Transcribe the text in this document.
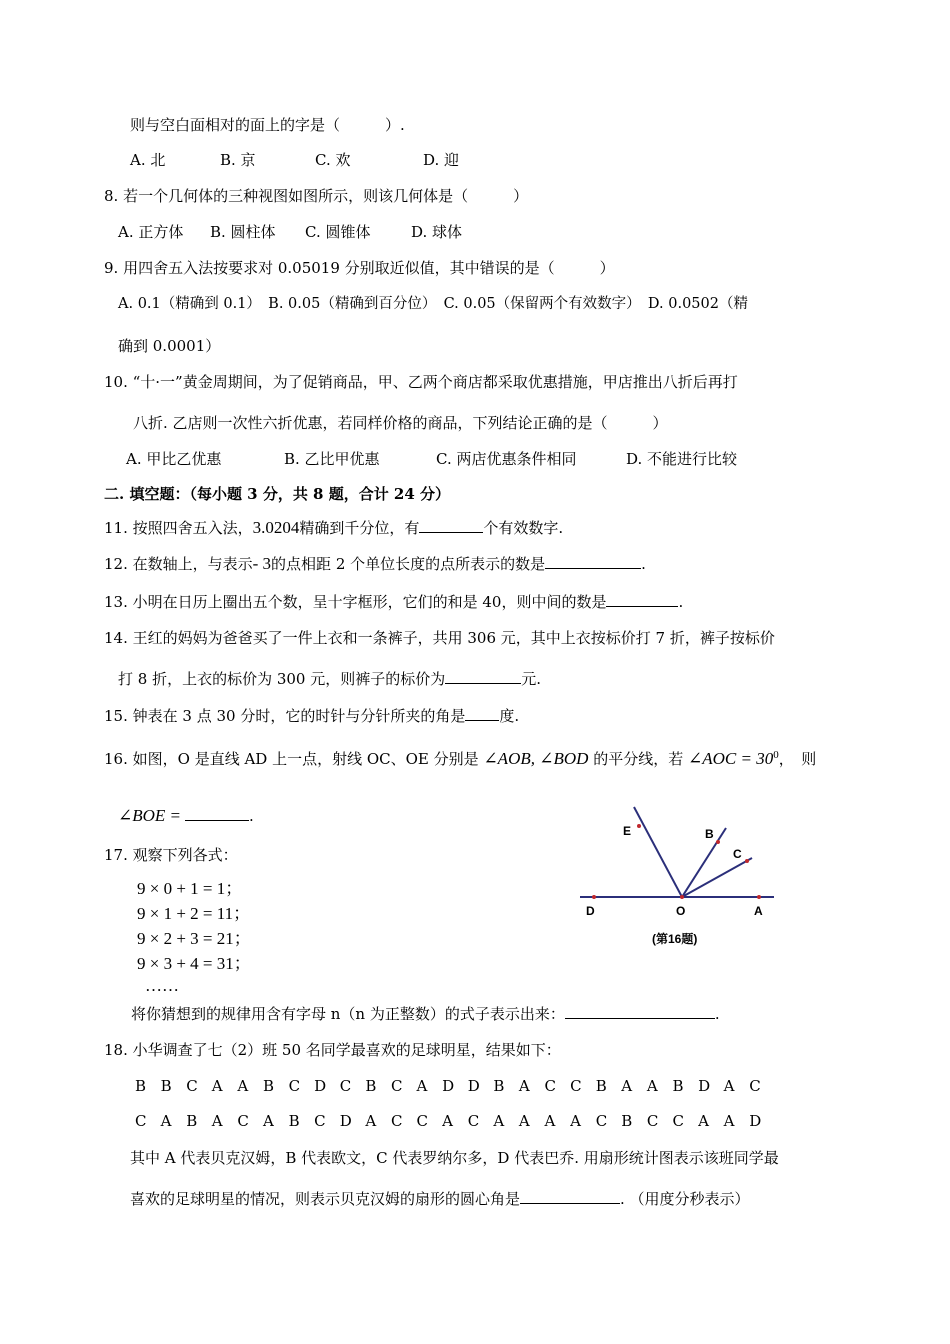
则与空白面相对的面上的字是（　　　）.
A. 北	B. 京	C. 欢	D. 迎
8. 若一个几何体的三种视图如图所示，则该几何体是（　　　）
A. 正方体 B. 圆柱体 C. 圆锥体	D. 球体
9. 用四舍五入法按要求对 0.05019 分别取近似值，其中错误的是（　　　）
A. 0.1（精确到 0.1）　B. 0.05（精确到百分位）　C. 0.05（保留两个有效数字）　D. 0.0502（精
确到 0.0001）
10. “十·一”黄金周期间，为了促销商品，甲、乙两个商店都采取优惠措施，甲店推出八折后再打
八折. 乙店则一次性六折优惠，若同样价格的商品，下列结论正确的是（　　　）
A. 甲比乙优惠	B. 乙比甲优惠	C. 两店优惠条件相同	D. 不能进行比较
二. 填空题：（每小题 3 分，共 8 题，合计 24 分）
11. 按照四舍五入法，3.0204精确到千分位，有	个有效数字.
12. 在数轴上，与表示- 3的点相距 2 个单位长度的点所表示的数是	.
13. 小明在日历上圈出五个数，呈十字框形，它们的和是 40，则中间的数是	.
14. 王红的妈妈为爸爸买了一件上衣和一条裤子，共用 306 元，其中上衣按标价打 7 折，裤子按标价
打 8 折，上衣的标价为 300 元，则裤子的标价为	元.
15. 钟表在 3 点 30 分时，它的时针与分针所夹的角是 度.
16. 如图，O 是直线 AD 上一点，射线 OC、OE 分别是 ∠AOB, ∠BOD 的平分线，若 ∠AOC = $30^0$，　则
∠BOE =	.
E	B
C
D	O	A
(第16题)
17. 观察下列各式：
9 × 0 + 1 = 1；
9 × 1 + 2 = 11；
9 × 2 + 3 = 21；
9 × 3 + 4 = 31；
……
将你猜想到的规律用含有字母 n（n 为正整数）的式子表示出来：	.
18. 小华调查了七（2）班 50 名同学最喜欢的足球明星，结果如下：
B B C A A B C D C B C A D D B A C C B A A B D A C
C A B A C A B C D A C C A C A A A A C B C C A A D
其中 A 代表贝克汉姆，B 代表欧文，C 代表罗纳尔多，D 代表巴乔. 用扇形统计图表示该班同学最
喜欢的足球明星的情况，则表示贝克汉姆的扇形的圆心角是	. （用度分秒表示）
